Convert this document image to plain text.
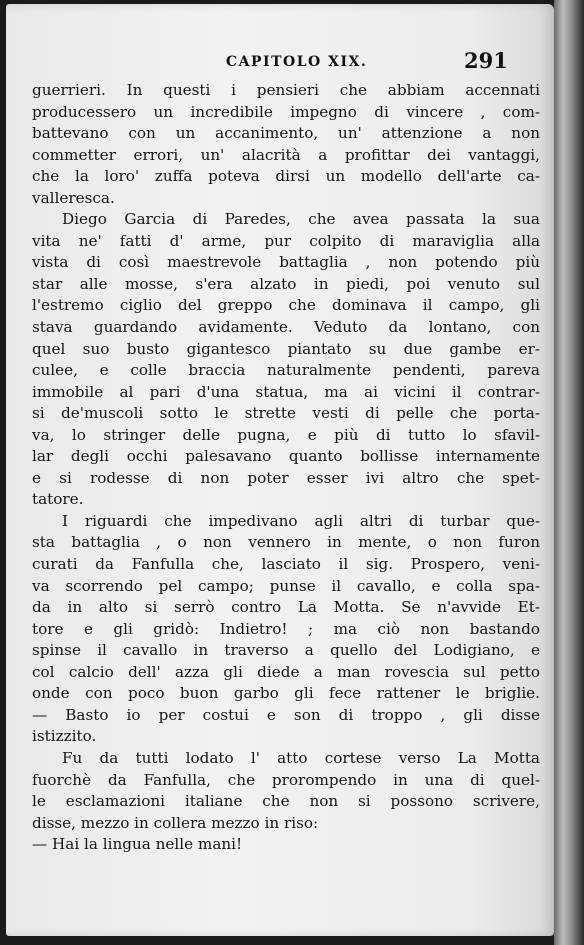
CAPITOLO XIX.	291
guerrieri. In questi i pensieri che abbiam accennati
producessero un incredibile impegno di vincere , com-
battevano con un accanimento, un' attenzione a non
commetter errori, un' alacrità a profittar dei vantaggi,
che la loro' zuffa poteva dirsi un modello dell'arte ca-
valleresca.
Diego Garcia di Paredes, che avea passata la sua
vita ne' fatti d' arme, pur colpito di maraviglia alla
vista di così maestrevole battaglia , non potendo più
star alle mosse, s'era alzato in piedi, poi venuto sul
l'estremo ciglio del greppo che dominava il campo, gli
stava guardando avidamente. Veduto da lontano, con
quel suo busto gigantesco piantato su due gambe er-
culee, e colle braccia naturalmente pendenti, pareva
immobile al pari d'una statua, ma ai vicini il contrar-
si de'muscoli sotto le strette vesti di pelle che porta-
va, lo stringer delle pugna, e più di tutto lo sfavil-
lar degli occhi palesavano quanto bollisse internamente
e si rodesse di non poter esser ivi altro che spet-
tatore.
I riguardi che impedivano agli altri di turbar que-
sta battaglia , o non vennero in mente, o non furon
curati da Fanfulla che, lasciato il sig. Prospero, veni-
va scorrendo pel campo; punse il cavallo, e colla spa-
da in alto si serrò contro La Motta. Se n'avvide Et-
tore e gli gridò: Indietro! ; ma ciò non bastando
spinse il cavallo in traverso a quello del Lodigiano, e
col calcio dell' azza gli diede a man rovescia sul petto
onde con poco buon garbo gli fece rattener le briglie.
— Basto io per costui e son di troppo , gli disse
istizzito.
Fu da tutti lodato l' atto cortese verso La Motta
fuorchè da Fanfulla, che prorompendo in una di quel-
le esclamazioni italiane che non si possono scrivere,
disse, mezzo in collera mezzo in riso:
— Hai la lingua nelle mani!
